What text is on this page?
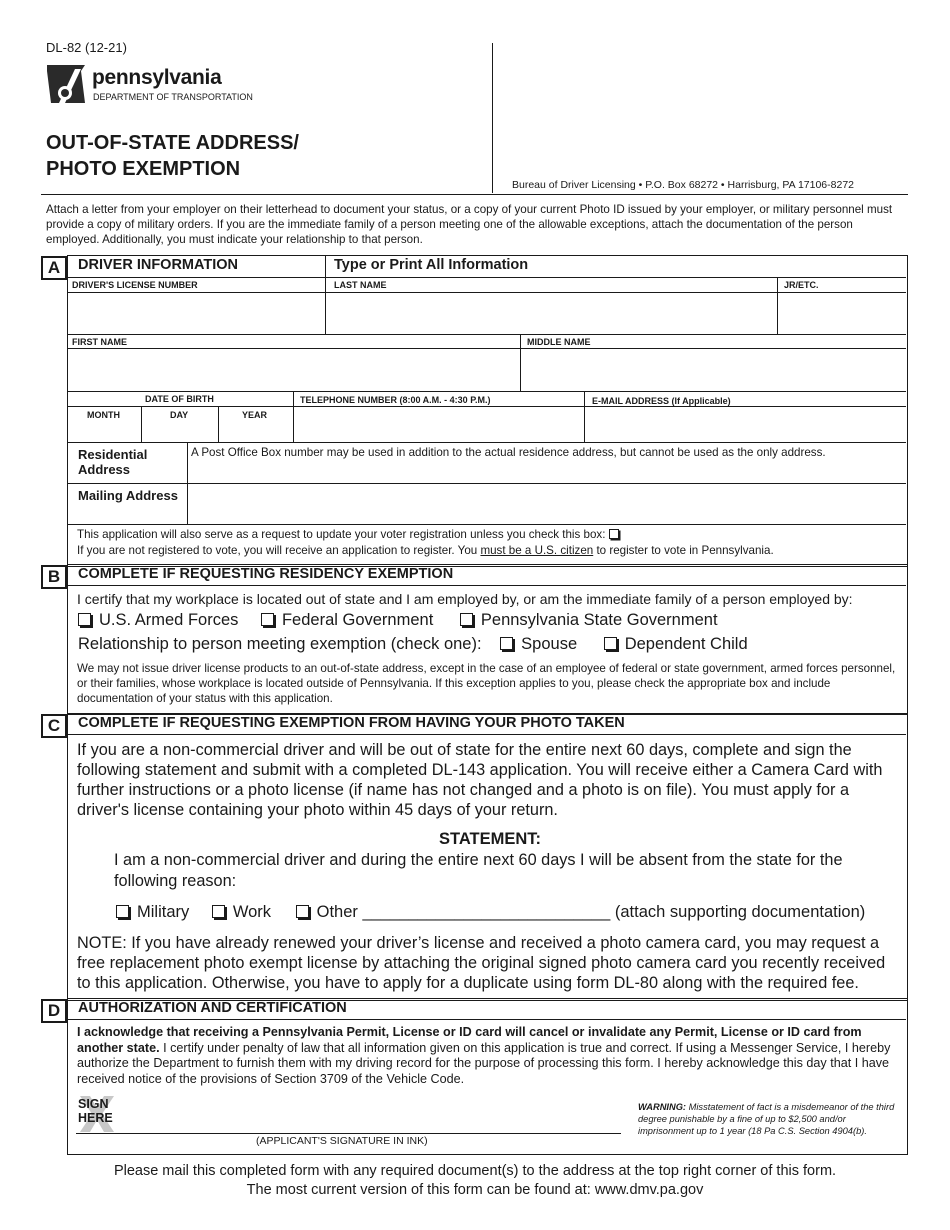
DL-82 (12-21)
pennsylvania
DEPARTMENT OF TRANSPORTATION
OUT-OF-STATE ADDRESS/
PHOTO EXEMPTION
Bureau of Driver Licensing • P.O. Box 68272 • Harrisburg, PA 17106-8272
Attach a letter from your employer on their letterhead to document your status, or a copy of your current Photo ID issued by your employer, or military personnel must provide a copy of military orders. If you are the immediate family of a person meeting one of the allowable exceptions, attach the documentation of the person employed. Additionally, you must indicate your relationship to that person.
A	DRIVER INFORMATION	Type or Print All Information
DRIVER'S LICENSE NUMBER	LAST NAME	JR/ETC.
FIRST NAME	MIDDLE NAME
DATE OF BIRTH	TELEPHONE NUMBER (8:00 A.M. - 4:30 P.M.)	E-MAIL ADDRESS (If Applicable)
MONTH	DAY	YEAR
Residential Address
A Post Office Box number may be used in addition to the actual residence address, but cannot be used as the only address.
Mailing Address
This application will also serve as a request to update your voter registration unless you check this box:
If you are not registered to vote, you will receive an application to register. You must be a U.S. citizen to register to vote in Pennsylvania.
B	COMPLETE IF REQUESTING RESIDENCY EXEMPTION
I certify that my workplace is located out of state and I am employed by, or am the immediate family of a person employed by:
U.S. Armed Forces	Federal Government	Pennsylvania State Government
Relationship to person meeting exemption (check one): Spouse	Dependent Child
We may not issue driver license products to an out-of-state address, except in the case of an employee of federal or state government, armed forces personnel, or their families, whose workplace is located outside of Pennsylvania. If this exception applies to you, please check the appropriate box and include documentation of your status with this application.
C	COMPLETE IF REQUESTING EXEMPTION FROM HAVING YOUR PHOTO TAKEN
If you are a non-commercial driver and will be out of state for the entire next 60 days, complete and sign the following statement and submit with a completed DL-143 application. You will receive either a Camera Card with further instructions or a photo license (if name has not changed and a photo is on file). You must apply for a driver's license containing your photo within 45 days of your return.
STATEMENT:
I am a non-commercial driver and during the entire next 60 days I will be absent from the state for the following reason:
Military	Work	Other ___________________________ (attach supporting documentation)
NOTE: If you have already renewed your driver’s license and received a photo camera card, you may request a free replacement photo exempt license by attaching the original signed photo camera card you recently received to this application. Otherwise, you have to apply for a duplicate using form DL-80 along with the required fee.
D	AUTHORIZATION AND CERTIFICATION
I acknowledge that receiving a Pennsylvania Permit, License or ID card will cancel or invalidate any Permit, License or ID card from another state. I certify under penalty of law that all information given on this application is true and correct. If using a Messenger Service, I hereby authorize the Department to furnish them with my driving record for the purpose of processing this form. I hereby acknowledge this day that I have received notice of the provisions of Section 3709 of the Vehicle Code.
SIGN
HERE
(APPLICANT'S SIGNATURE IN INK)
WARNING: Misstatement of fact is a misdemeanor of the third degree punishable by a fine of up to $2,500 and/or imprisonment up to 1 year (18 Pa C.S. Section 4904(b).
Please mail this completed form with any required document(s) to the address at the top right corner of this form.
The most current version of this form can be found at: www.dmv.pa.gov
